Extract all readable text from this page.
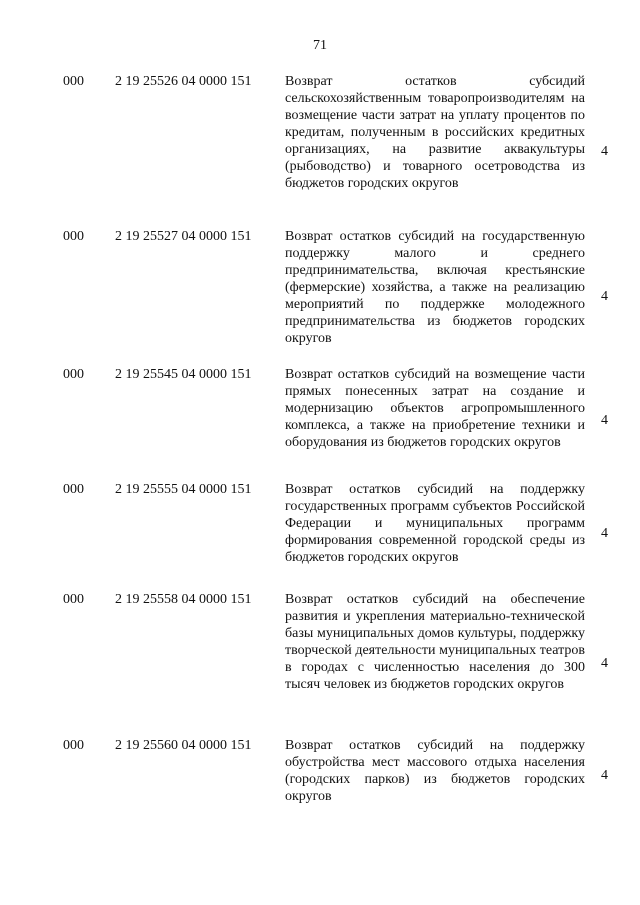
71
000 2 19 25526 04 0000 151 Возврат остатков субсидий сельскохозяйственным товаропроизводителям на возмещение части затрат на уплату процентов по кредитам, полученным в российских кредитных организациях, на развитие аквакультуры (рыбоводство) и товарного осетроводства из бюджетов городских округов
4
000 2 19 25527 04 0000 151 Возврат остатков субсидий на государственную поддержку малого и среднего предпринимательства, включая крестьянские (фермерские) хозяйства, а также на реализацию мероприятий по поддержке молодежного предпринимательства из бюджетов городских округов
4
000 2 19 25545 04 0000 151 Возврат остатков субсидий на возмещение части прямых понесенных затрат на создание и модернизацию объектов агропромышленного комплекса, а также на приобретение техники и оборудования из бюджетов городских округов
4
000 2 19 25555 04 0000 151 Возврат остатков субсидий на поддержку государственных программ субъектов Российской Федерации и муниципальных программ формирования современной городской среды из бюджетов городских округов
4
000 2 19 25558 04 0000 151 Возврат остатков субсидий на обеспечение развития и укрепления материально-технической базы муниципальных домов культуры, поддержку творческой деятельности муниципальных театров в городах с численностью населения до 300 тысяч человек из бюджетов городских округов
4
000 2 19 25560 04 0000 151 Возврат остатков субсидий на поддержку обустройства мест массового отдыха населения (городских парков) из бюджетов городских округов
4
